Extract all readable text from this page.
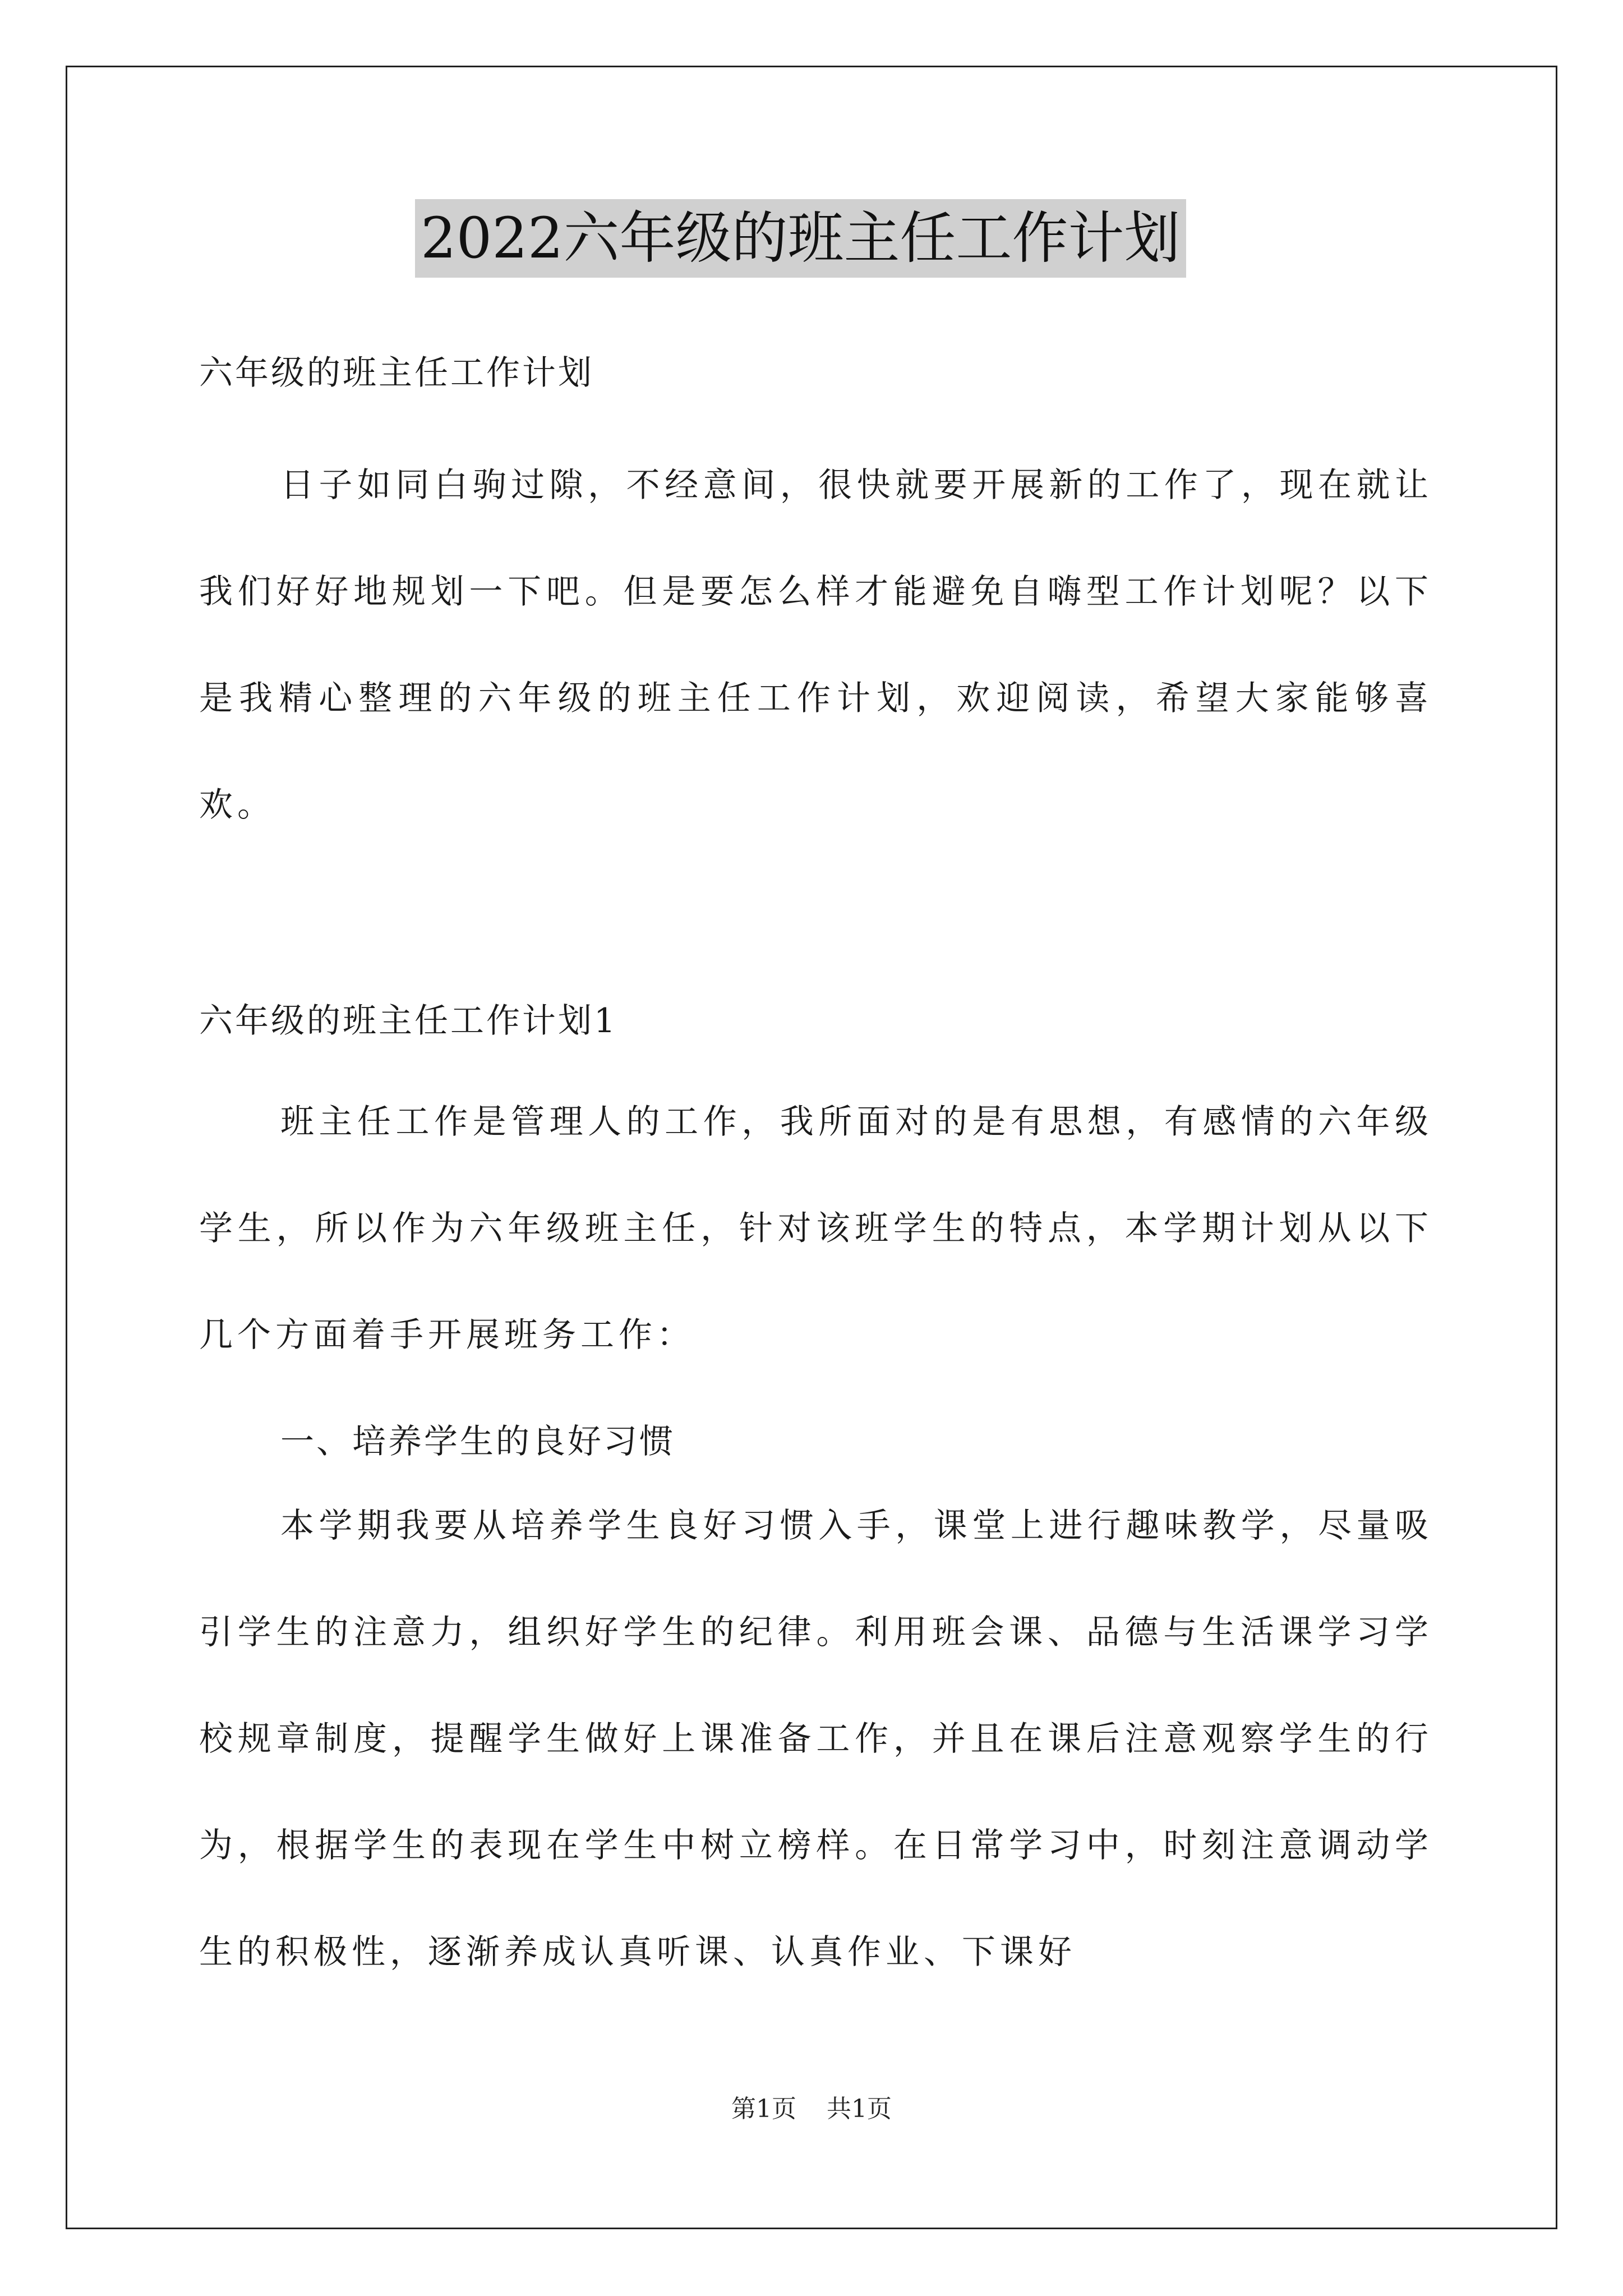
2022六年级的班主任工作计划
六年级的班主任工作计划

日子如同白驹过隙，不经意间，很快就要开展新的工作了，现在就让我们好好地规划一下吧。但是要怎么样才能避免自嗨型工作计划呢？以下是我精心整理的六年级的班主任工作计划，欢迎阅读，希望大家能够喜欢。

六年级的班主任工作计划1

班主任工作是管理人的工作，我所面对的是有思想，有感情的六年级学生，所以作为六年级班主任，针对该班学生的特点，本学期计划从以下几个方面着手开展班务工作：

一、培养学生的良好习惯

本学期我要从培养学生良好习惯入手，课堂上进行趣味教学，尽量吸引学生的注意力，组织好学生的纪律。利用班会课、品德与生活课学习学校规章制度，提醒学生做好上课准备工作，并且在课后注意观察学生的行为，根据学生的表现在学生中树立榜样。在日常学习中，时刻注意调动学生的积极性，逐渐养成认真听课、认真作业、下课好

第1页 共1页
